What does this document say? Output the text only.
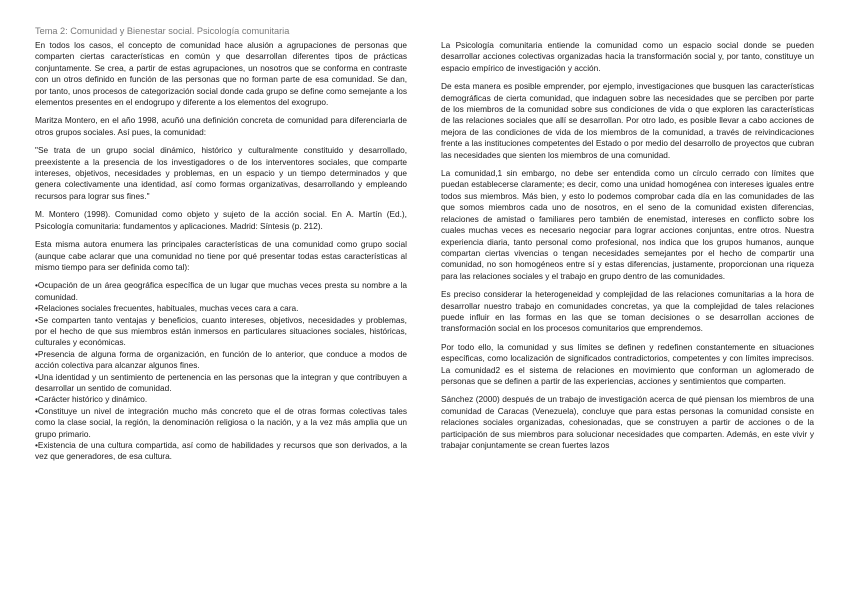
Tema 2: Comunidad y Bienestar social. Psicología comunitaria

En todos los casos, el concepto de comunidad hace alusión a agrupaciones de personas que comparten ciertas características en común y que desarrollan diferentes tipos de prácticas conjuntamente. Se crea, a partir de estas agrupaciones, un nosotros que se conforma en contraste con un otros definido en función de las personas que no forman parte de esa comunidad. Se dan, por tanto, unos procesos de categorización social donde cada grupo se define como semejante a los elementos presentes en el endogrupo y diferente a los elementos del exogrupo.

Maritza Montero, en el año 1998, acuñó una definición concreta de comunidad para diferenciarla de otros grupos sociales. Así pues, la comunidad:

"Se trata de un grupo social dinámico, histórico y culturalmente constituido y desarrollado, preexistente a la presencia de los investigadores o de los interventores sociales, que comparte intereses, objetivos, necesidades y problemas, en un espacio y un tiempo determinados y que genera colectivamente una identidad, así como formas organizativas, desarrollando y empleando recursos para lograr sus fines."

M. Montero (1998). Comunidad como objeto y sujeto de la acción social. En A. Martín (Ed.), Psicología comunitaria: fundamentos y aplicaciones. Madrid: Síntesis (p. 212).

Esta misma autora enumera las principales características de una comunidad como grupo social (aunque cabe aclarar que una comunidad no tiene por qué presentar todas estas características al mismo tiempo para ser definida como tal):

•Ocupación de un área geográfica específica de un lugar que muchas veces presta su nombre a la comunidad.
•Relaciones sociales frecuentes, habituales, muchas veces cara a cara.
•Se comparten tanto ventajas y beneficios, cuanto intereses, objetivos, necesidades y problemas, por el hecho de que sus miembros están inmersos en particulares situaciones sociales, históricas, culturales y económicas.
•Presencia de alguna forma de organización, en función de lo anterior, que conduce a modos de acción colectiva para alcanzar algunos fines.
•Una identidad y un sentimiento de pertenencia en las personas que la integran y que contribuyen a desarrollar un sentido de comunidad.
•Carácter histórico y dinámico.
•Constituye un nivel de integración mucho más concreto que el de otras formas colectivas tales como la clase social, la región, la denominación religiosa o la nación, y a la vez más amplia que un grupo primario.
•Existencia de una cultura compartida, así como de habilidades y recursos que son derivados, a la vez que generadores, de esa cultura.

La Psicología comunitaria entiende la comunidad como un espacio social donde se pueden desarrollar acciones colectivas organizadas hacia la transformación social y, por tanto, constituye un espacio empírico de investigación y acción.

De esta manera es posible emprender, por ejemplo, investigaciones que busquen las características demográficas de cierta comunidad, que indaguen sobre las necesidades que se perciben por parte de los miembros de la comunidad sobre sus condiciones de vida o que exploren las características de las relaciones sociales que allí se desarrollan. Por otro lado, es posible llevar a cabo acciones de mejora de las condiciones de vida de los miembros de la comunidad, a través de reivindicaciones frente a las instituciones competentes del Estado o por medio del desarrollo de proyectos que cubran las necesidades que sienten los miembros de una comunidad.

La comunidad,1 sin embargo, no debe ser entendida como un círculo cerrado con límites que puedan establecerse claramente; es decir, como una unidad homogénea con intereses iguales entre todos sus miembros. Más bien, y esto lo podemos comprobar cada día en las comunidades de las que somos miembros cada uno de nosotros, en el seno de la comunidad existen diferencias, relaciones de amistad o familiares pero también de enemistad, intereses en conflicto sobre los cuales muchas veces es necesario negociar para lograr acciones conjuntas, entre otros. Nuestra experiencia diaria, tanto personal como profesional, nos indica que los grupos humanos, aunque compartan ciertas vivencias o tengan necesidades semejantes por el hecho de compartir una comunidad, no son homogéneos entre sí y estas diferencias, justamente, proporcionan una riqueza para las relaciones sociales y el trabajo en grupo dentro de las comunidades.

Es preciso considerar la heterogeneidad y complejidad de las relaciones comunitarias a la hora de desarrollar nuestro trabajo en comunidades concretas, ya que la complejidad de tales relaciones puede influir en las formas en las que se toman decisiones o se desarrollan acciones de transformación social en los procesos comunitarios que emprendemos.

Por todo ello, la comunidad y sus límites se definen y redefinen constantemente en situaciones específicas, como localización de significados contradictorios, competentes y con límites imprecisos. La comunidad2 es el sistema de relaciones en movimiento que conforman un aglomerado de personas que se definen a partir de las experiencias, acciones y sentimientos que comparten.

Sánchez (2000) después de un trabajo de investigación acerca de qué piensan los miembros de una comunidad de Caracas (Venezuela), concluye que para estas personas la comunidad consiste en relaciones sociales organizadas, cohesionadas, que se construyen a partir de acciones o de la participación de sus miembros para solucionar necesidades que comparten. Además, en este vivir y trabajar conjuntamente se crean fuertes lazos
